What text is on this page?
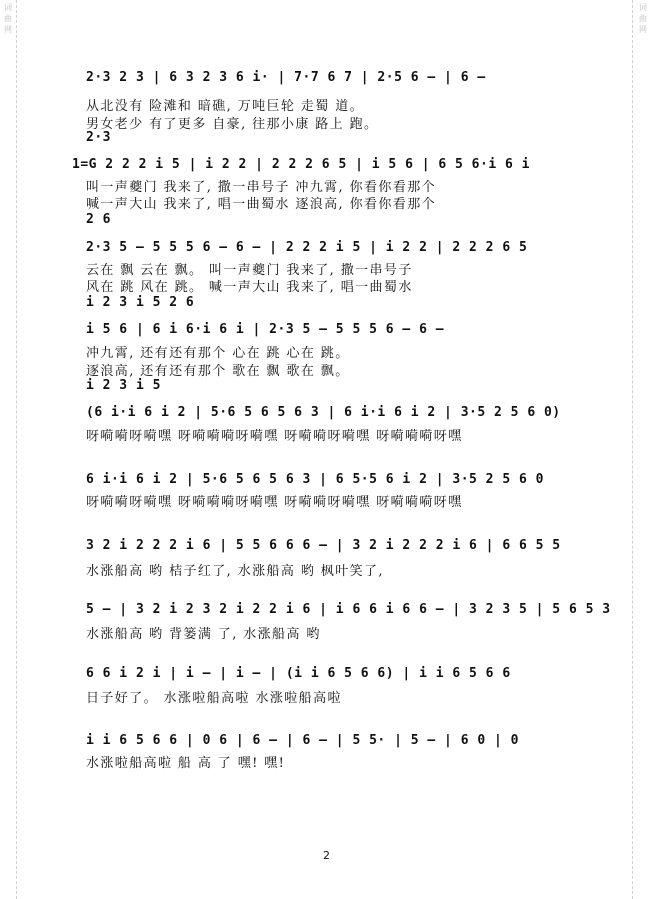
词
曲
网
词
曲
网
2·3 2 3 | 6 3 2 3 6 i· | 7·7 6 7 | 2·5 6 – | 6 –
从北没有 险滩和 暗礁, 万吨巨轮 走蜀 道。
男女老少 有了更多 自豪, 往那小康 路上 跑。
2·3
1=G 2 2 2 i 5 | i 2 2 | 2 2 2 6 5 | i 5 6 | 6 5 6·i 6 i
叫一声夔门 我来了, 撒一串号子 冲九霄, 你看你看那个
喊一声大山 我来了, 唱一曲蜀水 逐浪高, 你看你看那个
2 6
2·3 5 – 5 5 5 6 – 6 – | 2 2 2 i 5 | i 2 2 | 2 2 2 6 5
云在 飘 云在 飘。 叫一声夔门 我来了, 撒一串号子
风在 跳 风在 跳。 喊一声大山 我来了, 唱一曲蜀水
i 2 3 i 5 2 6
i 5 6 | 6 i 6·i 6 i | 2·3 5 – 5 5 5 6 – 6 –
冲九霄, 还有还有那个 心在 跳 心在 跳。
逐浪高, 还有还有那个 歌在 飘 歌在 飘。
i 2 3 i 5
(6 i·i 6 i 2 | 5·6 5 6 5 6 3 | 6 i·i 6 i 2 | 3·5 2 5 6 0)
呀嗬嗬呀嗬嘿 呀嗬嗬嗬呀嗬嘿 呀嗬嗬呀嗬嘿 呀嗬嗬嗬呀嘿
6 i·i 6 i 2 | 5·6 5 6 5 6 3 | 6 5·5 6 i 2 | 3·5 2 5 6 0
呀嗬嗬呀嗬嘿 呀嗬嗬嗬呀嗬嘿 呀嗬嗬呀嗬嘿 呀嗬嗬嗬呀嘿
3 2 i 2 2 2 i 6 | 5 5 6 6 6 – | 3 2 i 2 2 2 i 6 | 6 6 5 5
水涨船高 哟 桔子红了, 水涨船高 哟 枫叶笑了,
5 – | 3 2 i 2 3 2 i 2 2 i 6 | i 6 6 i 6 6 – | 3 2 3 5 | 5 6 5 3
水涨船高 哟 背篓满 了, 水涨船高 哟
6 6 i 2 i | i – | i – | (i i 6 5 6 6) | i i 6 5 6 6
日子好了。 水涨啦船高啦 水涨啦船高啦
i i 6 5 6 6 | 0 6 | 6 – | 6 – | 5 5· | 5 – | 6 0 | 0
水涨啦船高啦 船 高 了 嘿! 嘿!
2
